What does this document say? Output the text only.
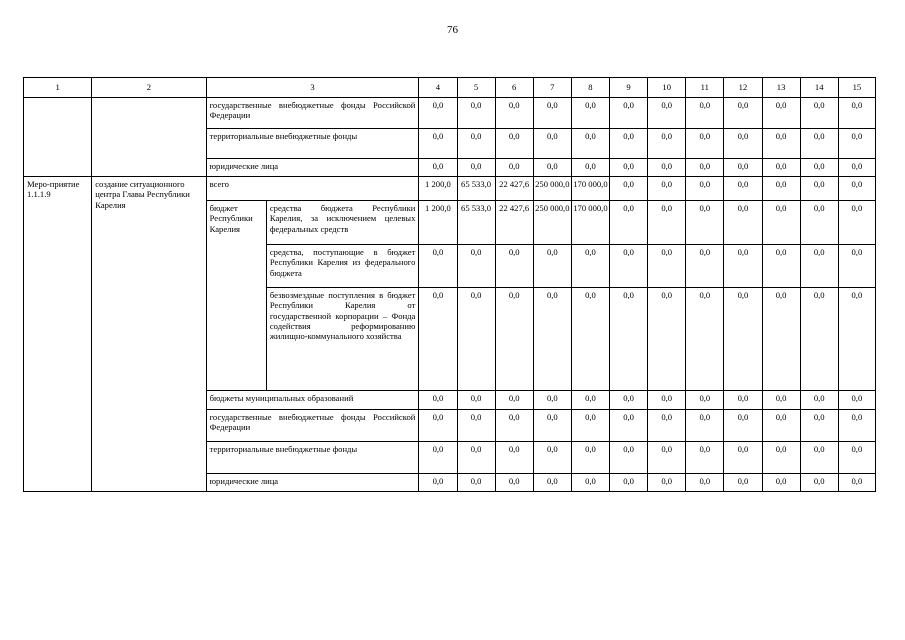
76
1	2	3		4	5	6	7	8	9	10	11	12	13	14	15
		государственные внебюджетные фонды Российской Федерации		0,0	0,0	0,0	0,0	0,0	0,0	0,0	0,0	0,0	0,0	0,0	0,0
		территориальные внебюджетные фонды		0,0	0,0	0,0	0,0	0,0	0,0	0,0	0,0	0,0	0,0	0,0	0,0
		юридические лица		0,0	0,0	0,0	0,0	0,0	0,0	0,0	0,0	0,0	0,0	0,0	0,0
Меро-приятие 1.1.1.9	создание ситуационного центра Главы Республики Карелия	всего		1 200,0	65 533,0	22 427,6	250 000,0	170 000,0	0,0	0,0	0,0	0,0	0,0	0,0	0,0
		бюджет Республики Карелия	средства бюджета Республики Карелия, за исключением целевых федеральных средств	1 200,0	65 533,0	22 427,6	250 000,0	170 000,0	0,0	0,0	0,0	0,0	0,0	0,0	0,0
			средства, поступающие в бюджет Республики Карелия из федерального бюджета	0,0	0,0	0,0	0,0	0,0	0,0	0,0	0,0	0,0	0,0	0,0	0,0
			безвозмездные поступления в бюджет Республики Карелия от государственной корпорации – Фонда содействия реформированию жилищно-коммунального хозяйства	0,0	0,0	0,0	0,0	0,0	0,0	0,0	0,0	0,0	0,0	0,0	0,0
		бюджеты муниципальных образований		0,0	0,0	0,0	0,0	0,0	0,0	0,0	0,0	0,0	0,0	0,0	0,0
		государственные внебюджетные фонды Российской Федерации		0,0	0,0	0,0	0,0	0,0	0,0	0,0	0,0	0,0	0,0	0,0	0,0
		территориальные внебюджетные фонды		0,0	0,0	0,0	0,0	0,0	0,0	0,0	0,0	0,0	0,0	0,0	0,0
		юридические лица		0,0	0,0	0,0	0,0	0,0	0,0	0,0	0,0	0,0	0,0	0,0	0,0
